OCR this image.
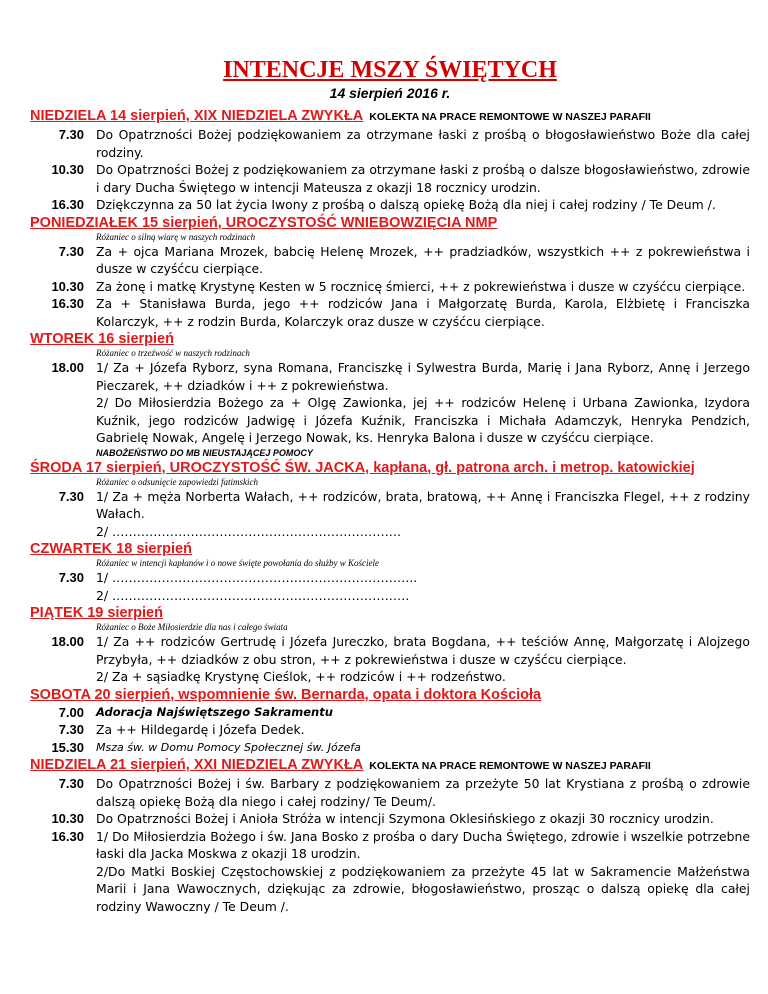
INTENCJE MSZY ŚWIĘTYCH
14 sierpień 2016 r.
NIEDZIELA 14 sierpień, XIX NIEDZIELA ZWYKŁA KOLEKTA NA PRACE REMONTOWE W NASZEJ PARAFII
7.30 Do Opatrzności Bożej podziękowaniem za otrzymane łaski z prośbą o błogosławieństwo Boże dla całej rodziny.

10.30 Do Opatrzności Bożej z podziękowaniem za otrzymane łaski z prośbą o dalsze błogosławieństwo, zdrowie i dary Ducha Świętego w intencji Mateusza z okazji 18 rocznicy urodzin.

16.30 Dziękczynna za 50 lat życia Iwony z prośbą o dalszą opiekę Bożą dla niej i całej rodziny / Te Deum /.

PONIEDZIAŁEK 15 sierpień, UROCZYSTOŚĆ WNIEBOWZIĘCIA NMP
Różaniec o silną wiarę w naszych rodzinach
7.30 Za + ojca Mariana Mrozek, babcię Helenę Mrozek, ++ pradziadków, wszystkich ++ z pokrewieństwa i dusze w czyśćcu cierpiące.

10.30 Za żonę i matkę Krystynę Kesten w 5 rocznicę śmierci, ++ z pokrewieństwa i dusze w czyśćcu cierpiące.

16.30 Za + Stanisława Burda, jego ++ rodziców Jana i Małgorzatę Burda, Karola, Elżbietę i Franciszka Kolarczyk, ++ z rodzin Burda, Kolarczyk oraz dusze w czyśćcu cierpiące.

WTOREK 16 sierpień
Różaniec o trzeźwość w naszych rodzinach
18.00 1/ Za + Józefa Ryborz, syna Romana, Franciszkę i Sylwestra Burda, Marię i Jana Ryborz, Annę i Jerzego Pieczarek, ++ dziadków i ++ z pokrewieństwa.

2/ Do Miłosierdzia Bożego za + Olgę Zawionka, jej ++ rodziców Helenę i Urbana Zawionka, Izydora Kuźnik, jego rodziców Jadwigę i Józefa Kuźnik, Franciszka i Michała Adamczyk, Henryka Pendzich, Gabrielę Nowak, Angelę i Jerzego Nowak, ks. Henryka Balona i dusze w czyśćcu cierpiące.

NABOŻEŃSTWO DO MB NIEUSTAJĄCEJ POMOCY
ŚRODA 17 sierpień, UROCZYSTOŚĆ ŚW. JACKA, kapłana, gł. patrona arch. i metrop. katowickiej
Różaniec o odsunięcie zapowiedzi fatimskich
7.30 1/ Za + męża Norberta Wałach, ++ rodziców, brata, bratową, ++ Annę i Franciszka Flegel, ++ z rodziny Wałach.

2/ …………………………………………………………….

CZWARTEK 18 sierpień
Różaniec w intencji kapłanów i o nowe święte powołania do służby w Kościele
7.30 1/ ………………………………………………………………..

2/ ………………………………………………………………

PIĄTEK 19 sierpień
Różaniec o Boże Miłosierdzie dla nas i całego świata
18.00 1/ Za ++ rodziców Gertrudę i Józefa Jureczko, brata Bogdana, ++ teściów Annę, Małgorzatę i Alojzego Przybyła, ++ dziadków z obu stron, ++ z pokrewieństwa i dusze w czyśćcu cierpiące.

2/ Za + sąsiadkę Krystynę Cieślok, ++ rodziców i ++ rodzeństwo.

SOBOTA 20 sierpień, wspomnienie św. Bernarda, opata i doktora Kościoła
7.00 Adoracja Najświętszego Sakramentu

7.30 Za ++ Hildegardę i Józefa Dedek.

15.30 Msza św. w Domu Pomocy Społecznej św. Józefa

NIEDZIELA 21 sierpień, XXI NIEDZIELA ZWYKŁA KOLEKTA NA PRACE REMONTOWE W NASZEJ PARAFII
7.30 Do Opatrzności Bożej i św. Barbary z podziękowaniem za przeżyte 50 lat Krystiana z prośbą o zdrowie dalszą opiekę Bożą dla niego i całej rodziny/ Te Deum/.

10.30 Do Opatrzności Bożej i Anioła Stróża w intencji Szymona Oklesińskiego z okazji 30 rocznicy urodzin.

16.30 1/ Do Miłosierdzia Bożego i św. Jana Bosko z prośba o dary Ducha Świętego, zdrowie i wszelkie potrzebne łaski dla Jacka Moskwa z okazji 18 urodzin.

2/Do Matki Boskiej Częstochowskiej z podziękowaniem za przeżyte 45 lat w Sakramencie Małżeństwa Marii i Jana Wawocznych, dziękując za zdrowie, błogosławieństwo, prosząc o dalszą opiekę dla całej rodziny Wawoczny / Te Deum /.
